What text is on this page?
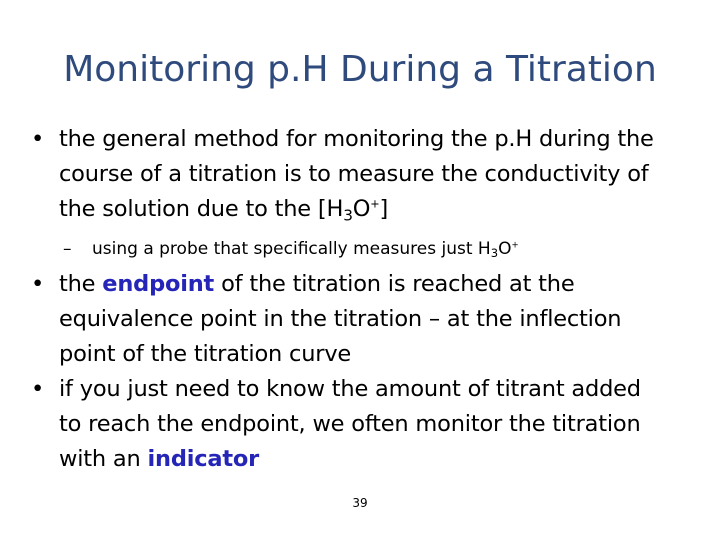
Monitoring p.H During a Titration
• the general method for monitoring the p.H during the
course of a titration is to measure the conductivity of
the solution due to the $[H_3O^+]$
– using a probe that specifically measures just $H_3O^+$
• the endpoint of the titration is reached at the
equivalence point in the titration – at the inflection
point of the titration curve
• if you just need to know the amount of titrant added
to reach the endpoint, we often monitor the titration
with an indicator
39
